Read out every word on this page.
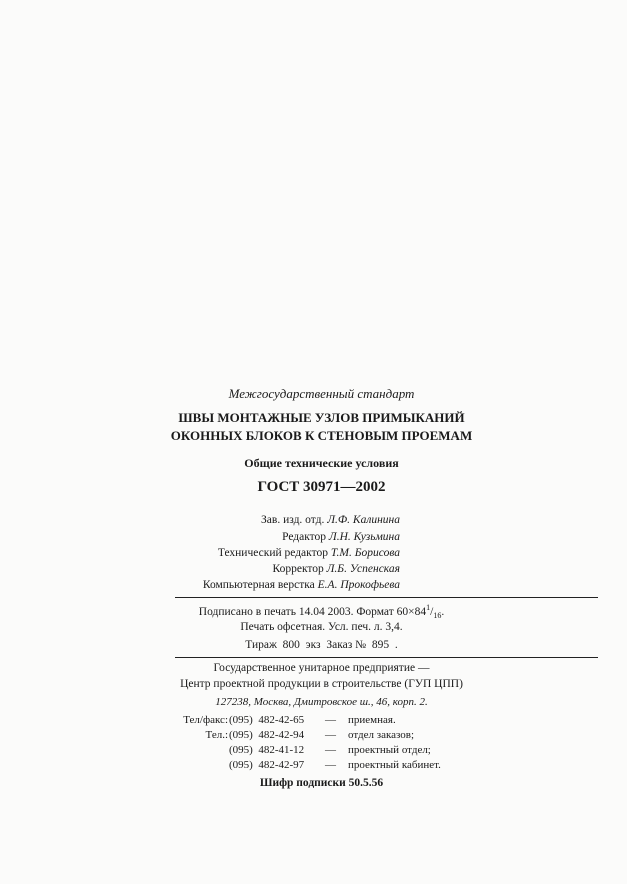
Межгосударственный стандарт
ШВЫ МОНТАЖНЫЕ УЗЛОВ ПРИМЫКАНИЙ
ОКОННЫХ БЛОКОВ К СТЕНОВЫМ ПРОЕМАМ
Общие технические условия
ГОСТ 30971—2002
Зав. изд. отд. Л.Ф. Калинина
Редактор Л.Н. Кузьмина
Технический редактор Т.М. Борисова
Корректор Л.Б. Успенская
Компьютерная верстка Е.А. Прокофьева
Подписано в печать 14.04 2003. Формат $60\times 84^1/_{16}$.
Печать офсетная. Усл. печ. л. 3,4.
Тираж  800  экз  Заказ №  895  .
Государственное унитарное предприятие —
Центр проектной продукции в строительстве (ГУП ЦПП)
127238, Москва, Дмитровское ш., 46, корп. 2.
Тел/факс: (095)  482-42-65 — приемная.
Тел.: (095)  482-42-94 — отдел заказов;
(095)  482-41-12 — проектный отдел;
(095)  482-42-97 — проектный кабинет.
Шифр подписки 50.5.56
